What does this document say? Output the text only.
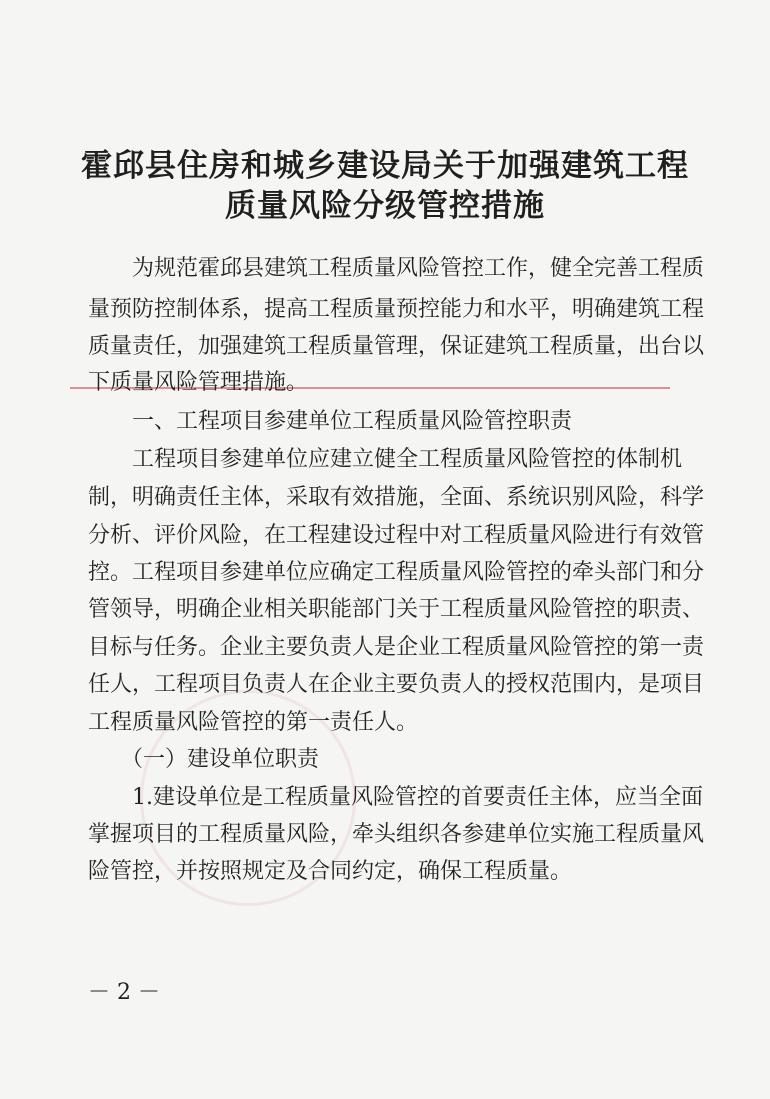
霍邱县住房和城乡建设局关于加强建筑工程
质量风险分级管控措施
　　为规范霍邱县建筑工程质量风险管控工作，健全完善工程质
量预防控制体系，提高工程质量预控能力和水平，明确建筑工程
质量责任，加强建筑工程质量管理，保证建筑工程质量，出台以
下质量风险管理措施。
　　一、工程项目参建单位工程质量风险管控职责
　　工程项目参建单位应建立健全工程质量风险管控的体制机
制，明确责任主体，采取有效措施，全面、系统识别风险，科学
分析、评价风险，在工程建设过程中对工程质量风险进行有效管
控。工程项目参建单位应确定工程质量风险管控的牵头部门和分
管领导，明确企业相关职能部门关于工程质量风险管控的职责、
目标与任务。企业主要负责人是企业工程质量风险管控的第一责
任人，工程项目负责人在企业主要负责人的授权范围内，是项目
工程质量风险管控的第一责任人。
　　（一）建设单位职责
　　1.建设单位是工程质量风险管控的首要责任主体，应当全面
掌握项目的工程质量风险，牵头组织各参建单位实施工程质量风
险管控，并按照规定及合同约定，确保工程质量。
－ 2 －
